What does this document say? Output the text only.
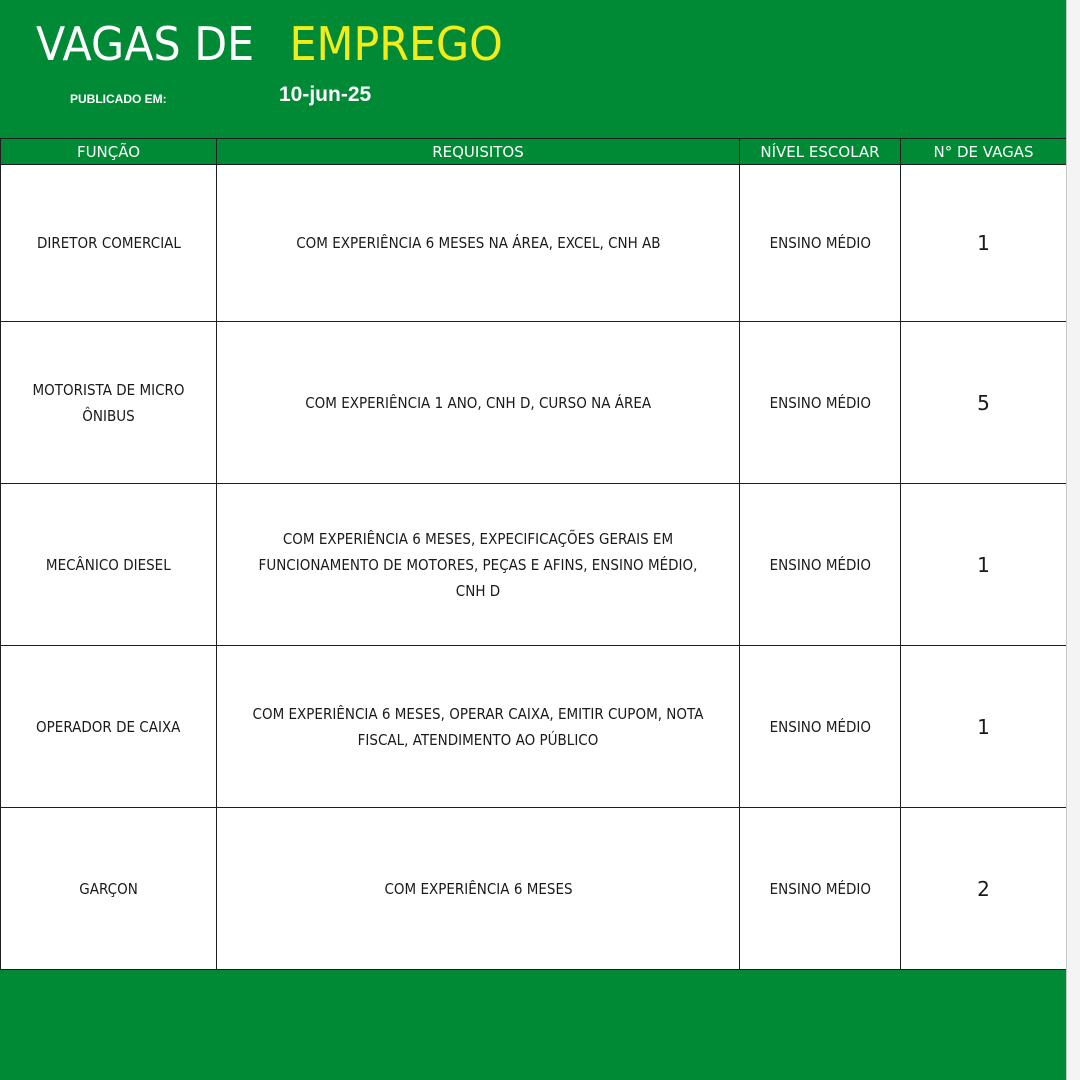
VAGAS DE EMPREGO
PUBLICADO EM:	10-jun-25
FUNÇÃO	REQUISITOS	NÍVEL ESCOLAR	N° DE VAGAS
DIRETOR COMERCIAL	COM EXPERIÊNCIA 6 MESES NA ÁREA, EXCEL, CNH AB	ENSINO MÉDIO	1
MOTORISTA DE MICRO ÔNIBUS	COM EXPERIÊNCIA 1 ANO, CNH D, CURSO NA ÁREA	ENSINO MÉDIO	5
MECÂNICO DIESEL	COM EXPERIÊNCIA 6 MESES, EXPECIFICAÇÕES GERAIS EM FUNCIONAMENTO DE MOTORES, PEÇAS E AFINS, ENSINO MÉDIO, CNH D	ENSINO MÉDIO	1
OPERADOR DE CAIXA	COM EXPERIÊNCIA 6 MESES, OPERAR CAIXA, EMITIR CUPOM, NOTA FISCAL, ATENDIMENTO AO PÚBLICO	ENSINO MÉDIO	1
GARÇON	COM EXPERIÊNCIA 6 MESES	ENSINO MÉDIO	2
